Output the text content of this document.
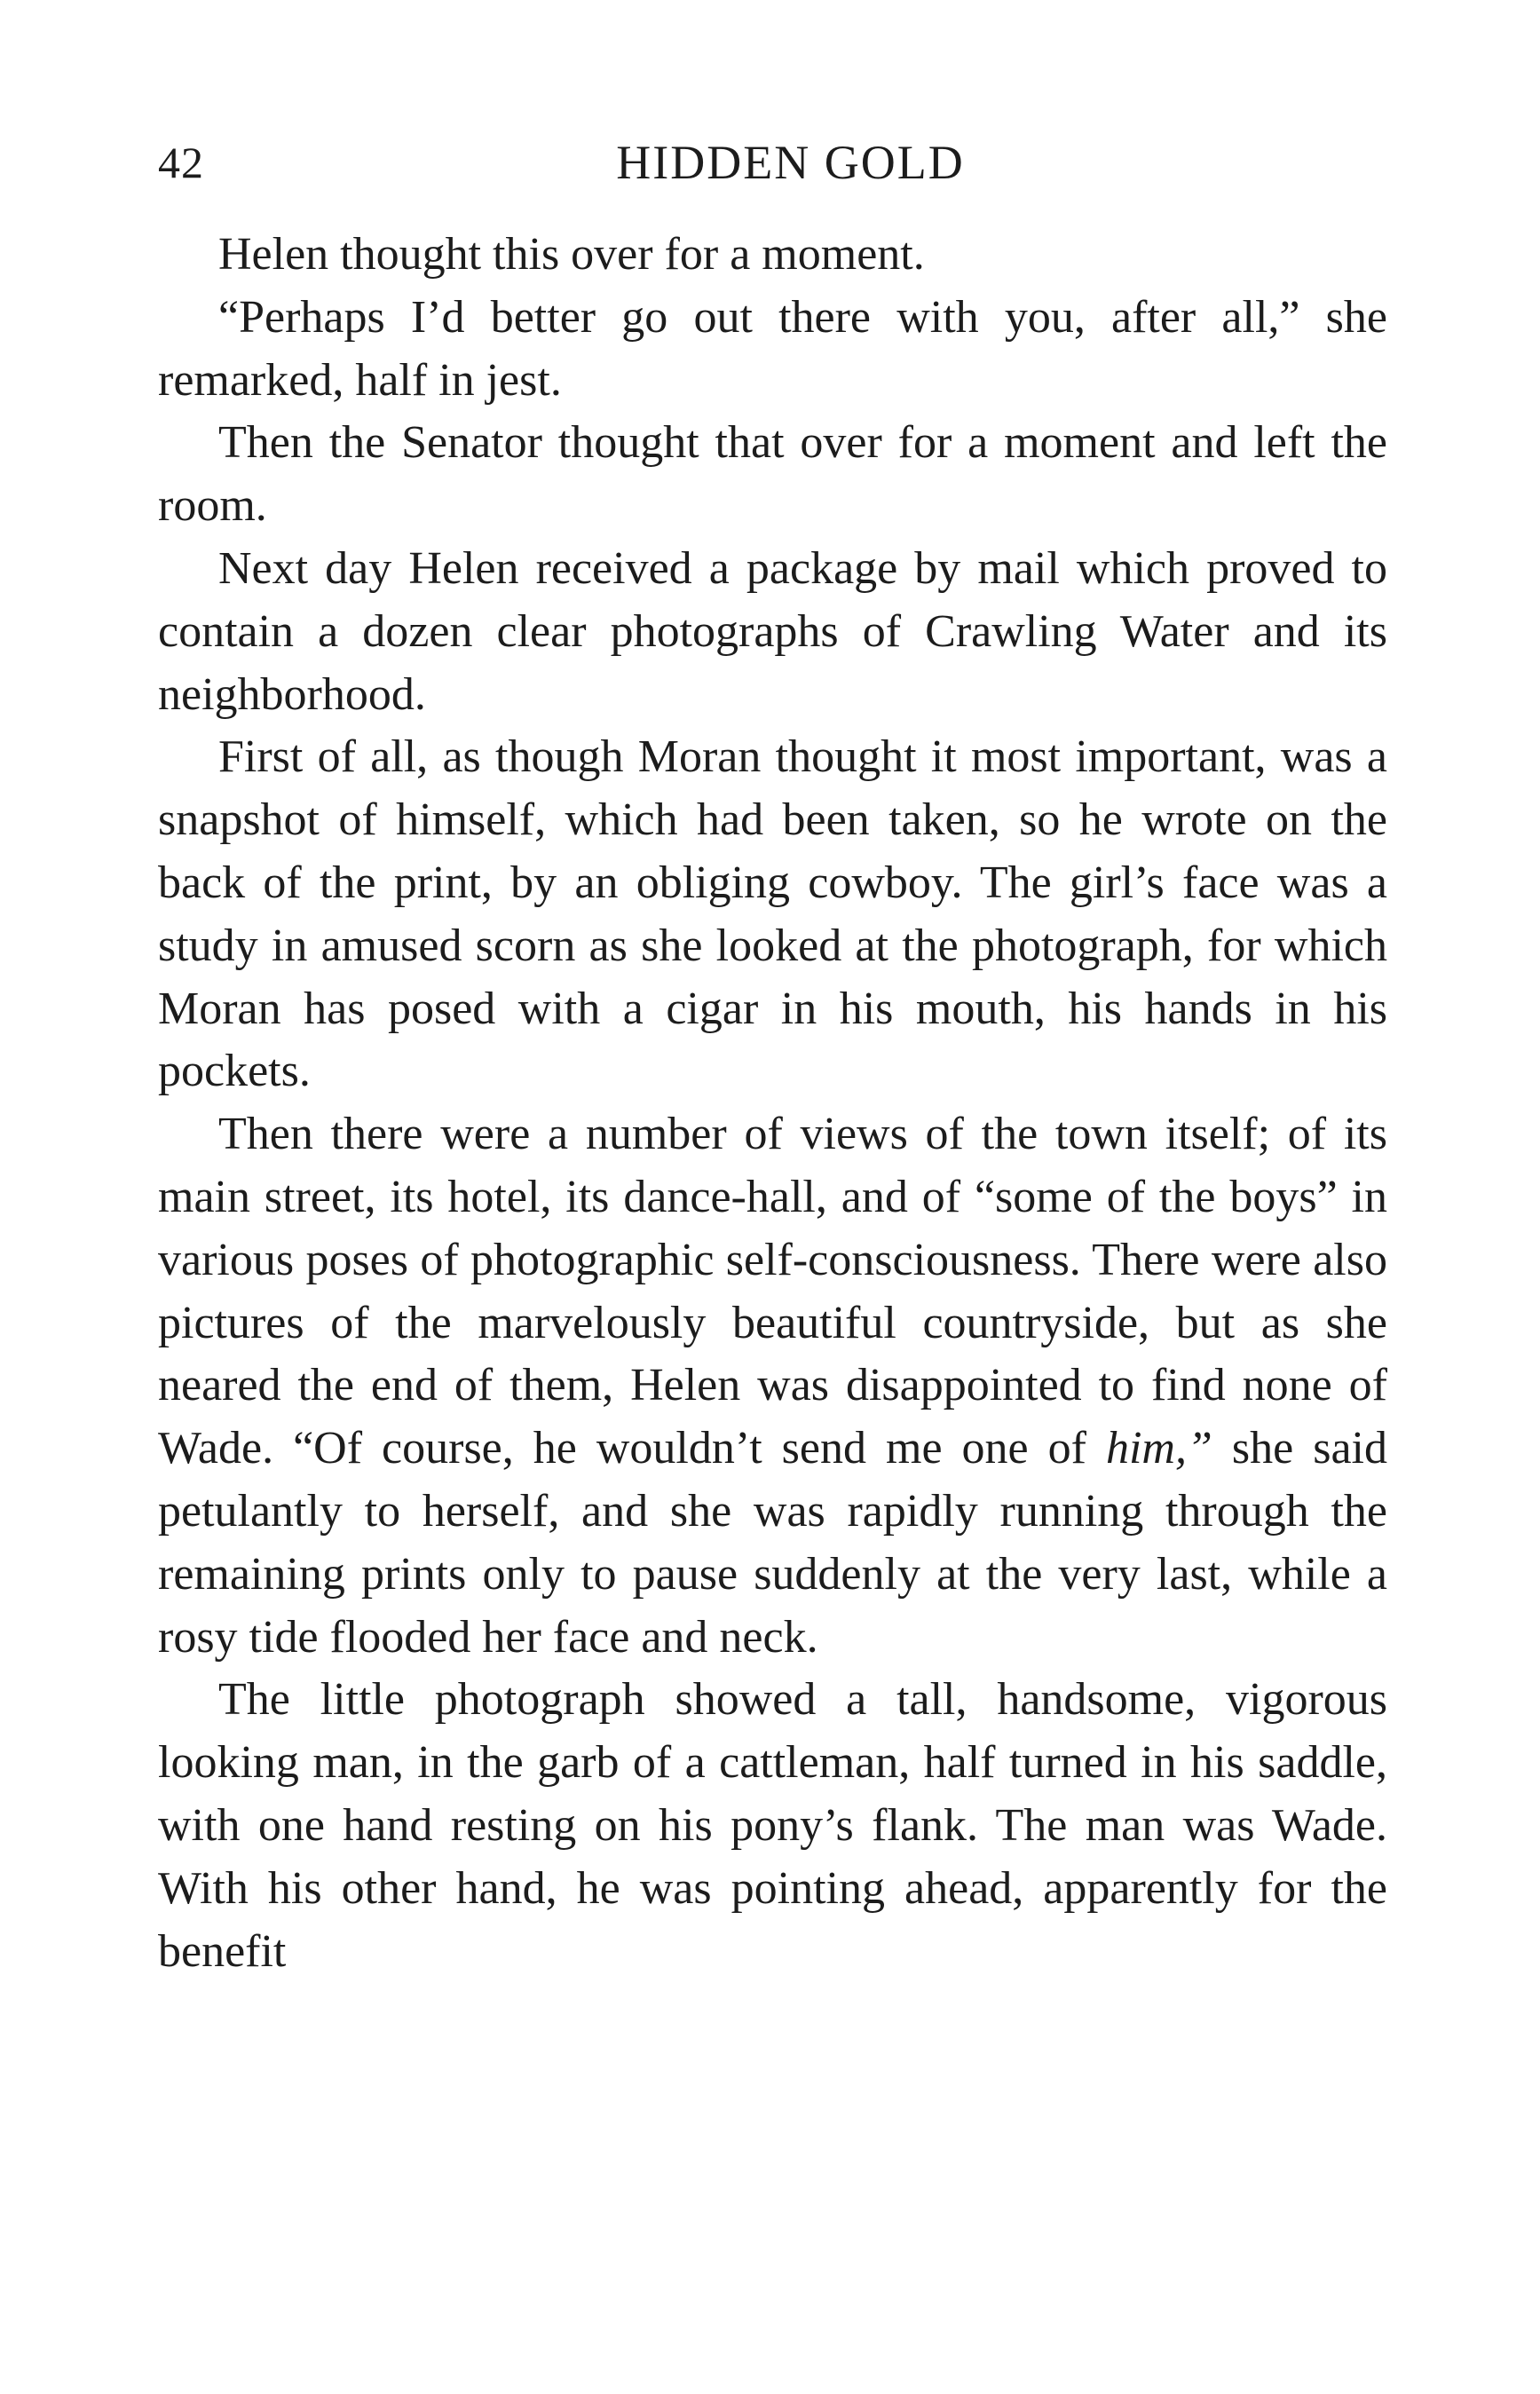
42	HIDDEN GOLD

Helen thought this over for a moment.

“Perhaps I’d better go out there with you, after all,” she remarked, half in jest.

Then the Senator thought that over for a moment and left the room.

Next day Helen received a package by mail which proved to contain a dozen clear photographs of Crawling Water and its neighborhood.

First of all, as though Moran thought it most important, was a snapshot of himself, which had been taken, so he wrote on the back of the print, by an obliging cowboy. The girl’s face was a study in amused scorn as she looked at the photograph, for which Moran has posed with a cigar in his mouth, his hands in his pockets.

Then there were a number of views of the town itself; of its main street, its hotel, its dance-hall, and of “some of the boys” in various poses of photographic self-consciousness. There were also pictures of the marvelously beautiful countryside, but as she neared the end of them, Helen was disappointed to find none of Wade. “Of course, he wouldn’t send me one of him,” she said petulantly to herself, and she was rapidly running through the remaining prints only to pause suddenly at the very last, while a rosy tide flooded her face and neck.

The little photograph showed a tall, handsome, vigorous looking man, in the garb of a cattleman, half turned in his saddle, with one hand resting on his pony’s flank. The man was Wade. With his other hand, he was pointing ahead, apparently for the benefit
